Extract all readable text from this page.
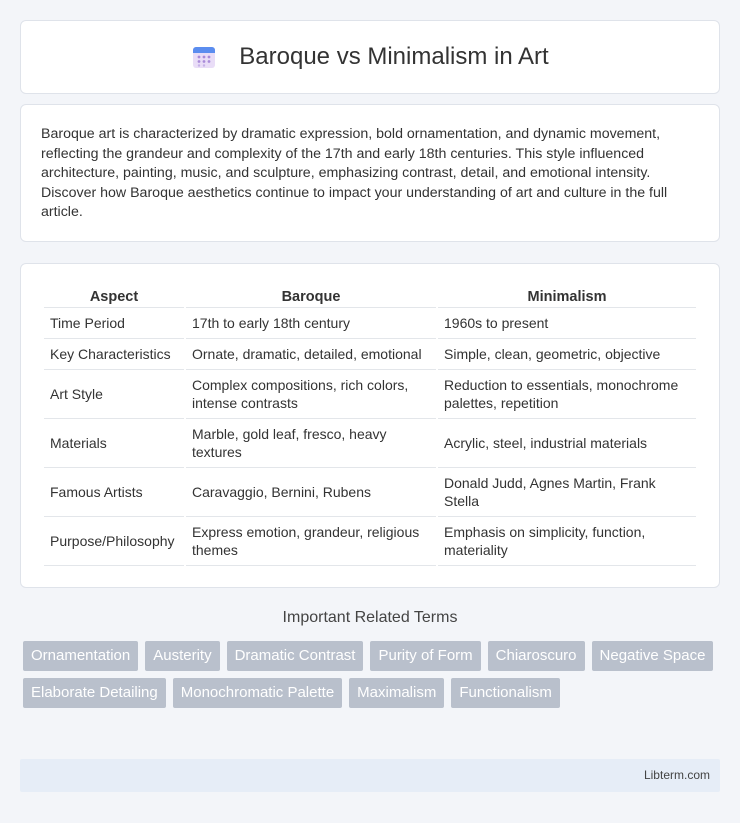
Baroque vs Minimalism in Art

Baroque art is characterized by dramatic expression, bold ornamentation, and dynamic movement, reflecting the grandeur and complexity of the 17th and early 18th centuries. This style influenced architecture, painting, music, and sculpture, emphasizing contrast, detail, and emotional intensity. Discover how Baroque aesthetics continue to impact your understanding of art and culture in the full article.

Aspect	Baroque	Minimalism
Time Period	17th to early 18th century	1960s to present
Key Characteristics	Ornate, dramatic, detailed, emotional	Simple, clean, geometric, objective
Art Style	Complex compositions, rich colors, intense contrasts	Reduction to essentials, monochrome palettes, repetition
Materials	Marble, gold leaf, fresco, heavy textures	Acrylic, steel, industrial materials
Famous Artists	Caravaggio, Bernini, Rubens	Donald Judd, Agnes Martin, Frank Stella
Purpose/Philosophy	Express emotion, grandeur, religious themes	Emphasis on simplicity, function, materiality
Important Related Terms
Ornamentation	Austerity	Dramatic Contrast	Purity of Form	Chiaroscuro	Negative Space
Elaborate Detailing	Monochromatic Palette	Maximalism	Functionalism
Libterm.com
